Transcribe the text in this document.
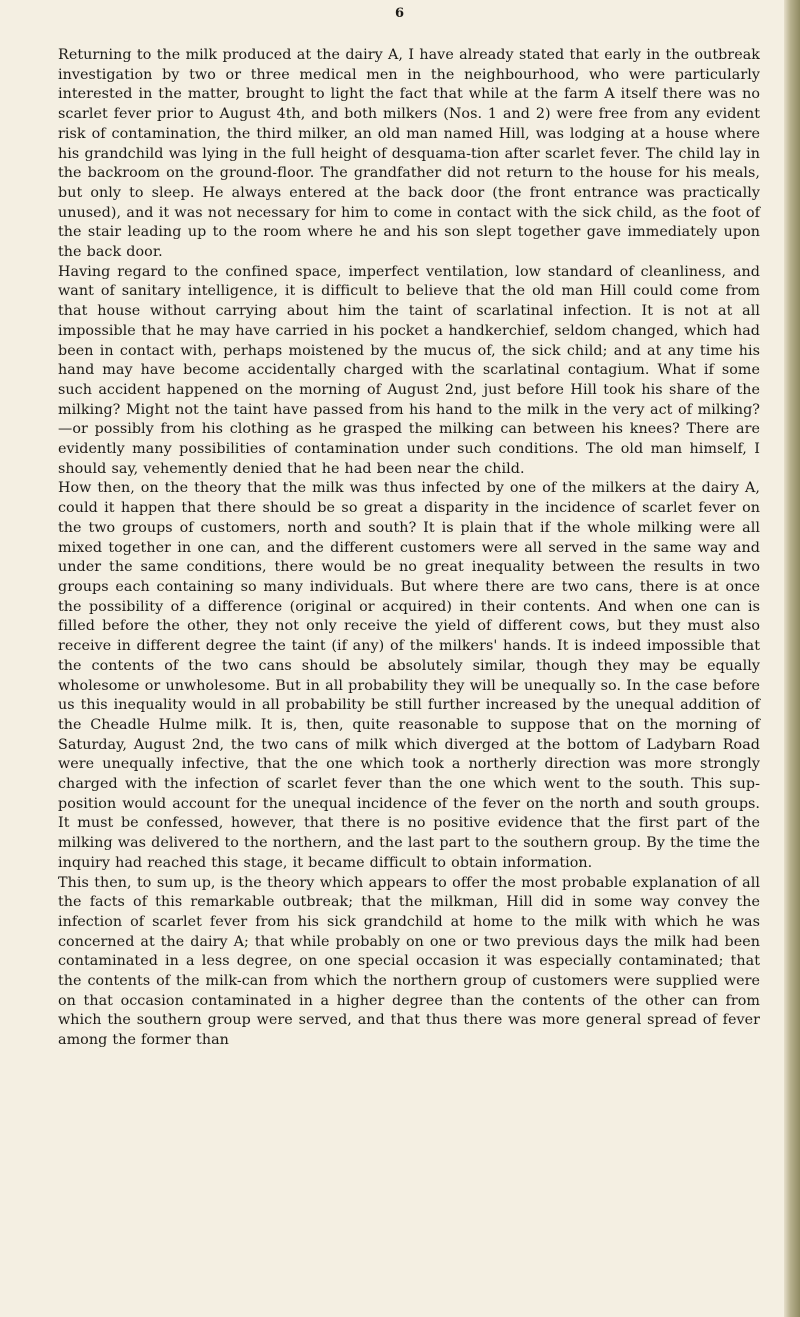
6

Returning to the milk produced at the dairy A, I have already stated that early in the outbreak investigation by two or three medical men in the neighbourhood, who were particularly interested in the matter, brought to light the fact that while at the farm A itself there was no scarlet fever prior to August 4th, and both milkers (Nos. 1 and 2) were free from any evident risk of contamination, the third milker, an old man named Hill, was lodging at a house where his grandchild was lying in the full height of desquama-tion after scarlet fever. The child lay in the backroom on the ground-floor. The grandfather did not return to the house for his meals, but only to sleep. He always entered at the back door (the front entrance was practically unused), and it was not necessary for him to come in contact with the sick child, as the foot of the stair leading up to the room where he and his son slept together gave immediately upon the back door.

Having regard to the confined space, imperfect ventilation, low standard of cleanliness, and want of sanitary intelligence, it is difficult to believe that the old man Hill could come from that house without carrying about him the taint of scarlatinal infection. It is not at all impossible that he may have carried in his pocket a handkerchief, seldom changed, which had been in contact with, perhaps moistened by the mucus of, the sick child; and at any time his hand may have become accidentally charged with the scarlatinal contagium. What if some such accident happened on the morning of August 2nd, just before Hill took his share of the milking? Might not the taint have passed from his hand to the milk in the very act of milking?—or possibly from his clothing as he grasped the milking can between his knees? There are evidently many possibilities of contamination under such conditions. The old man himself, I should say, vehemently denied that he had been near the child.

How then, on the theory that the milk was thus infected by one of the milkers at the dairy A, could it happen that there should be so great a disparity in the incidence of scarlet fever on the two groups of customers, north and south? It is plain that if the whole milking were all mixed together in one can, and the different customers were all served in the same way and under the same conditions, there would be no great inequality between the results in two groups each containing so many individuals. But where there are two cans, there is at once the possibility of a difference (original or acquired) in their contents. And when one can is filled before the other, they not only receive the yield of different cows, but they must also receive in different degree the taint (if any) of the milkers' hands. It is indeed impossible that the contents of the two cans should be absolutely similar, though they may be equally wholesome or unwholesome. But in all probability they will be unequally so. In the case before us this inequality would in all probability be still further increased by the unequal addition of the Cheadle Hulme milk. It is, then, quite reasonable to suppose that on the morning of Saturday, August 2nd, the two cans of milk which diverged at the bottom of Ladybarn Road were unequally infective, that the one which took a northerly direction was more strongly charged with the infection of scarlet fever than the one which went to the south. This sup-position would account for the unequal incidence of the fever on the north and south groups. It must be confessed, however, that there is no positive evidence that the first part of the milking was delivered to the northern, and the last part to the southern group. By the time the inquiry had reached this stage, it became difficult to obtain information.

This then, to sum up, is the theory which appears to offer the most probable explanation of all the facts of this remarkable outbreak; that the milkman, Hill did in some way convey the infection of scarlet fever from his sick grandchild at home to the milk with which he was concerned at the dairy A; that while probably on one or two previous days the milk had been contaminated in a less degree, on one special occasion it was especially contaminated; that the contents of the milk-can from which the northern group of customers were supplied were on that occasion contaminated in a higher degree than the contents of the other can from which the southern group were served, and that thus there was more general spread of fever among the former than
